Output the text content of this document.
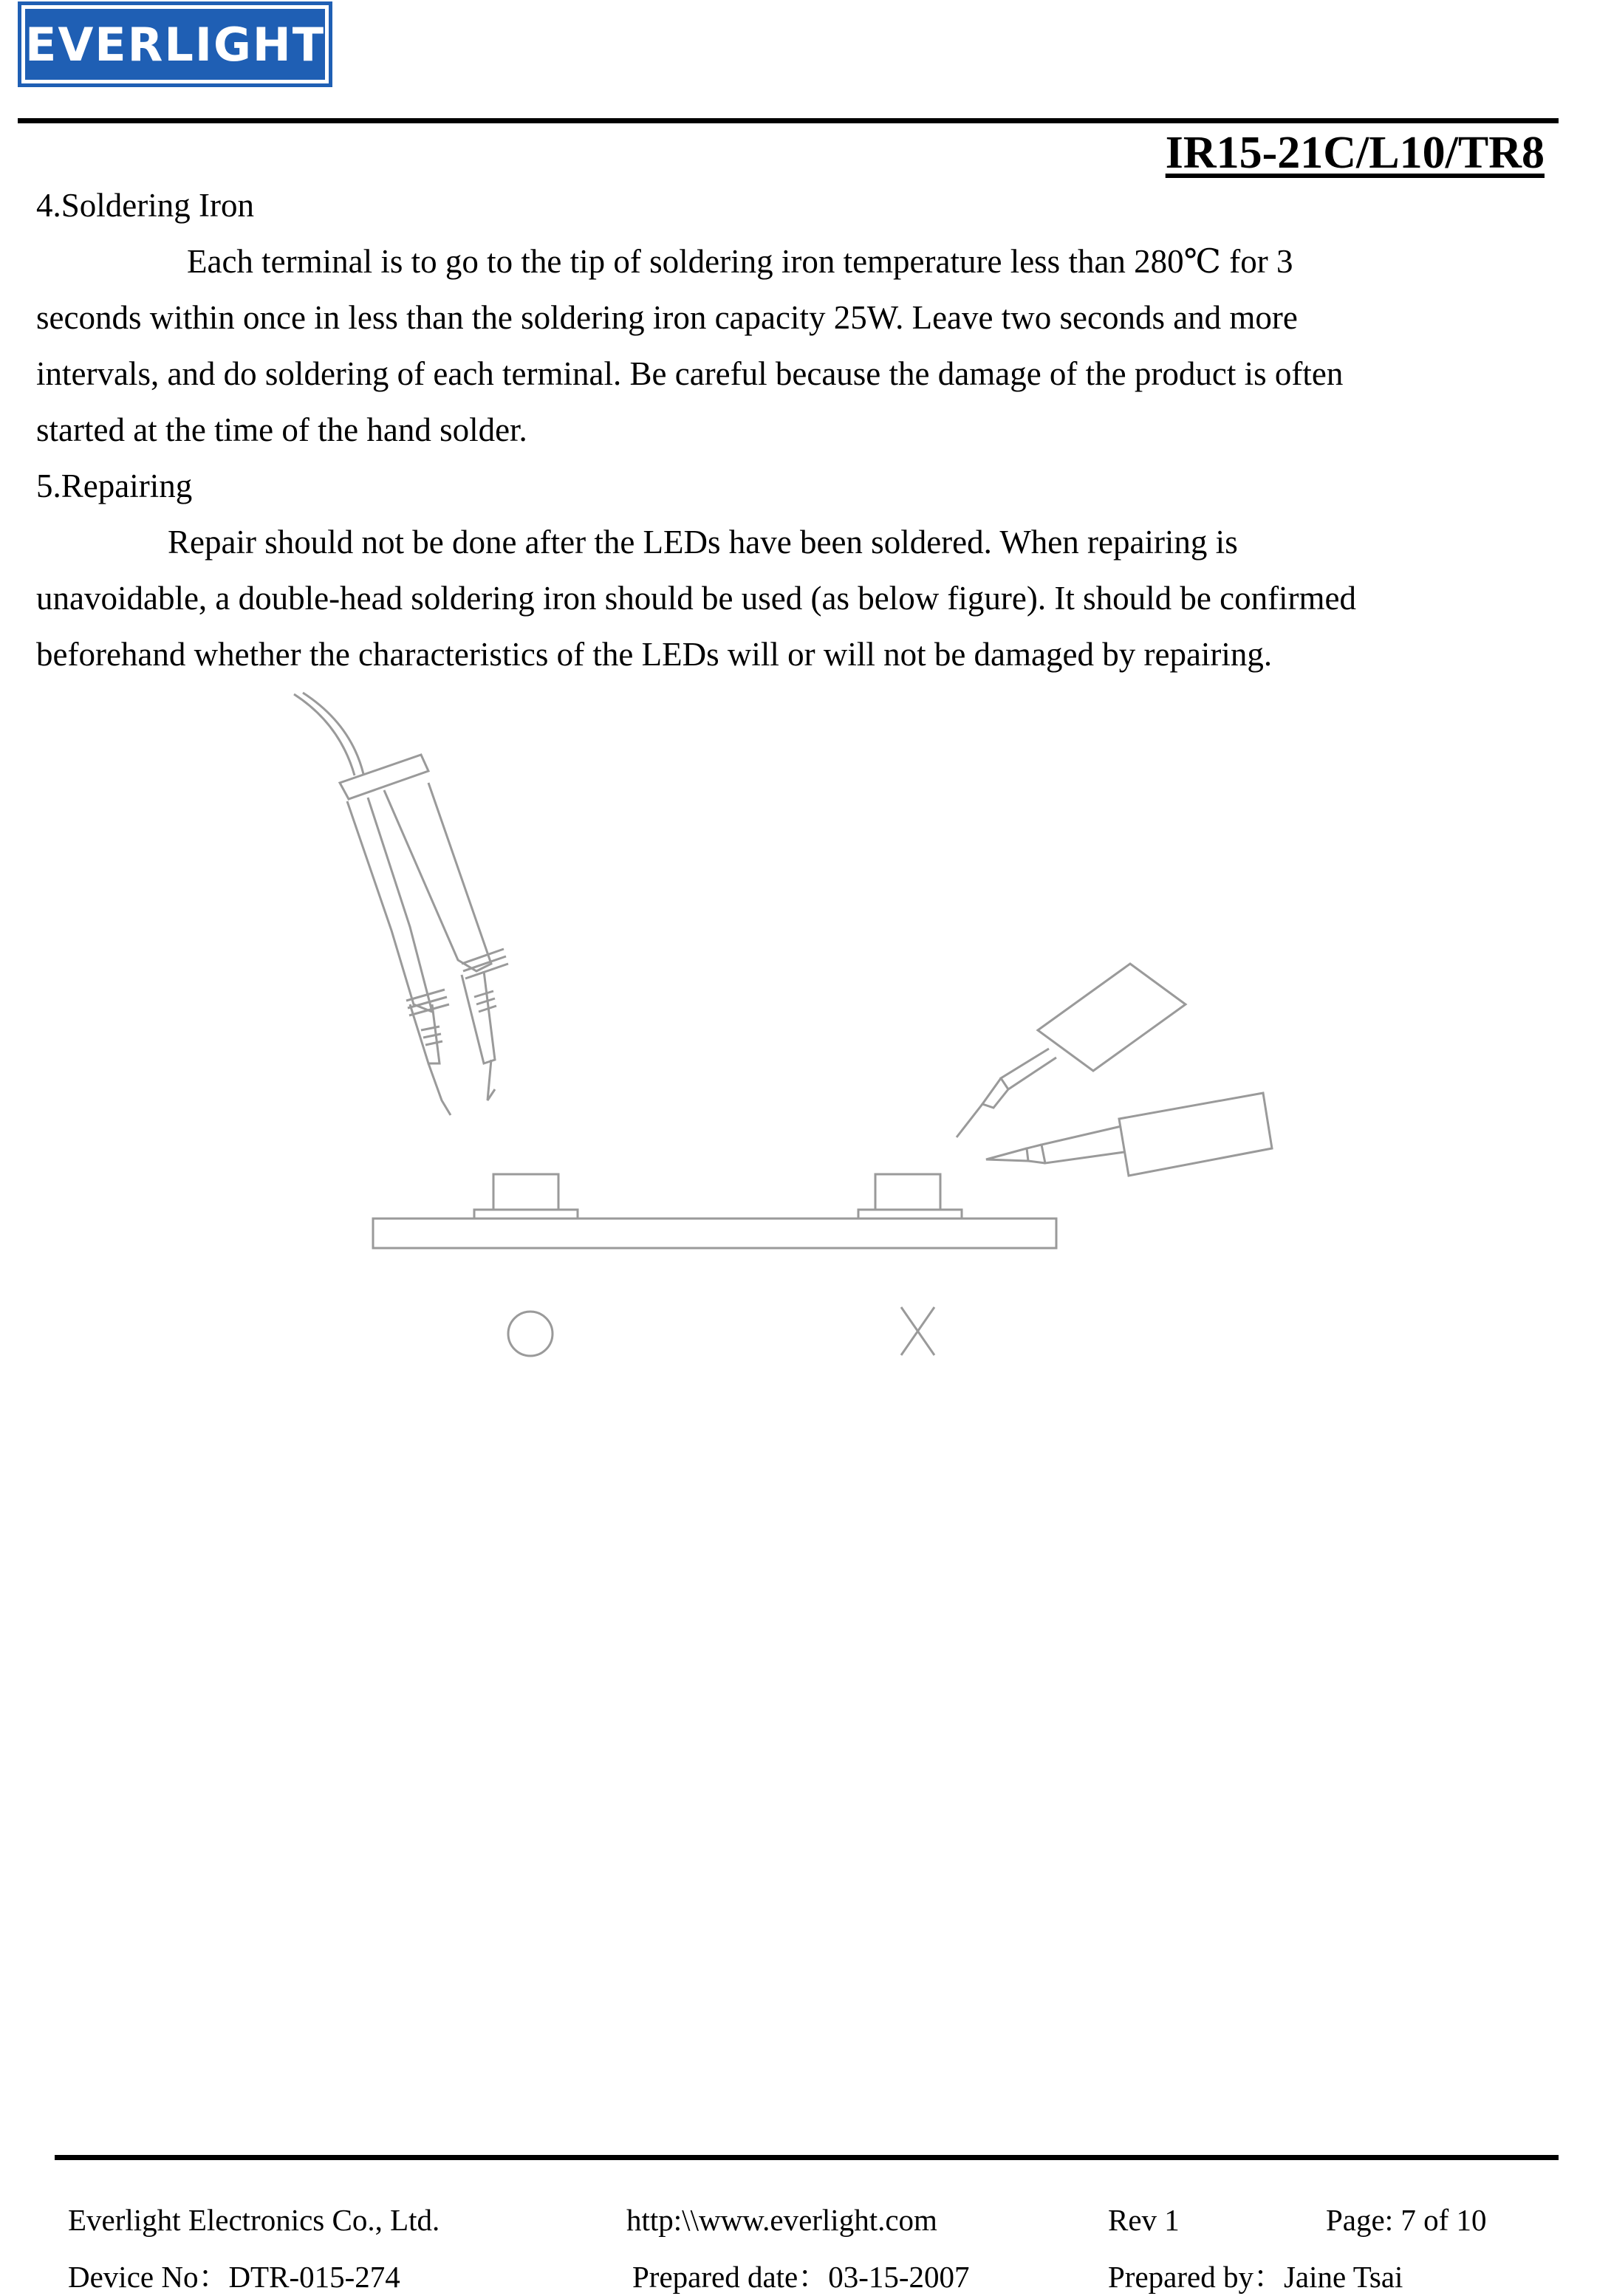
EVERLIGHT
IR15-21C/L10/TR8
4.Soldering Iron
Each terminal is to go to the tip of soldering iron temperature less than 280℃ for 3
seconds within once in less than the soldering iron capacity 25W. Leave two seconds and more
intervals, and do soldering of each terminal. Be careful because the damage of the product is often
started at the time of the hand solder.
5.Repairing
Repair should not be done after the LEDs have been soldered. When repairing is
unavoidable, a double-head soldering iron should be used (as below figure). It should be confirmed
beforehand whether the characteristics of the LEDs will or will not be damaged by repairing.
Everlight Electronics Co., Ltd.	http:\\www.everlight.com	Rev 1	Page: 7 of 10
Device No：DTR-015-274	Prepared date：03-15-2007	Prepared by：Jaine Tsai
